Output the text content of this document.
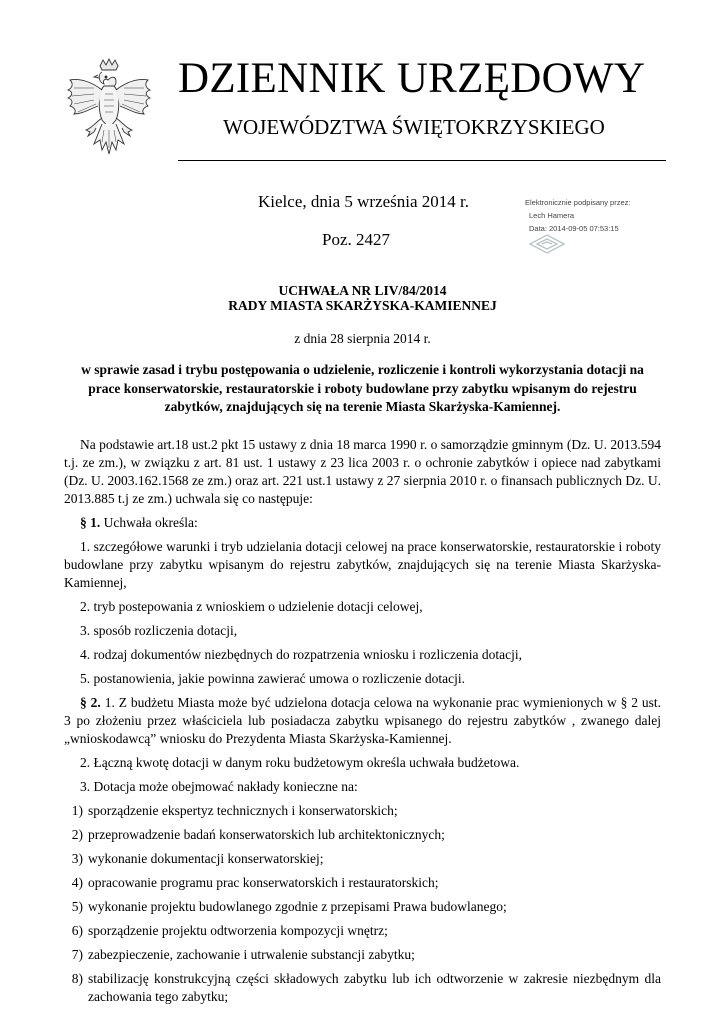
DZIENNIK URZĘDOWY
WOJEWÓDZTWA ŚWIĘTOKRZYSKIEGO
Kielce, dnia 5 września 2014 r.
Poz. 2427
Elektronicznie podpisany przez:
Lech Hamera
Data: 2014-09-05 07:53:15
UCHWAŁA NR LIV/84/2014
RADY MIASTA SKARŻYSKA-KAMIENNEJ
z dnia 28 sierpnia 2014 r.
w sprawie zasad i trybu postępowania o udzielenie, rozliczenie i kontroli wykorzystania dotacji na prace konserwatorskie, restauratorskie i roboty budowlane przy zabytku wpisanym do rejestru zabytków, znajdujących się na terenie Miasta Skarżyska-Kamiennej.

Na podstawie art.18 ust.2 pkt 15 ustawy z dnia 18 marca 1990 r. o samorządzie gminnym (Dz. U. 2013.594 t.j. ze zm.), w związku z art. 81 ust. 1 ustawy z 23 lica 2003 r. o ochronie zabytków i opiece nad zabytkami (Dz. U. 2003.162.1568 ze zm.) oraz art. 221 ust.1 ustawy z 27 sierpnia 2010 r. o finansach publicznych Dz. U. 2013.885 t.j ze zm.) uchwala się co następuje:

§ 1. Uchwała określa:

1. szczegółowe warunki i tryb udzielania dotacji celowej na prace konserwatorskie, restauratorskie i roboty budowlane przy zabytku wpisanym do rejestru zabytków, znajdujących się na terenie Miasta Skarżyska-Kamiennej,

2. tryb postepowania z wnioskiem o udzielenie dotacji celowej,

3. sposób rozliczenia dotacji,

4. rodzaj dokumentów niezbędnych do rozpatrzenia wniosku i rozliczenia dotacji,

5. postanowienia, jakie powinna zawierać umowa o rozliczenie dotacji.

§ 2. 1. Z budżetu Miasta może być udzielona dotacja celowa na wykonanie prac wymienionych w § 2 ust. 3 po złożeniu przez właściciela lub posiadacza zabytku wpisanego do rejestru zabytków , zwanego dalej „wnioskodawcą” wniosku do Prezydenta Miasta Skarżyska-Kamiennej.

2. Łączną kwotę dotacji w danym roku budżetowym określa uchwała budżetowa.

3. Dotacja może obejmować nakłady konieczne na:

1) sporządzenie ekspertyz technicznych i konserwatorskich;
2) przeprowadzenie badań konserwatorskich lub architektonicznych;
3) wykonanie dokumentacji konserwatorskiej;
4) opracowanie programu prac konserwatorskich i restauratorskich;
5) wykonanie projektu budowlanego zgodnie z przepisami Prawa budowlanego;
6) sporządzenie projektu odtworzenia kompozycji wnętrz;
7) zabezpieczenie, zachowanie i utrwalenie substancji zabytku;
8) stabilizację konstrukcyjną części składowych zabytku lub ich odtworzenie w zakresie niezbędnym dla zachowania tego zabytku;
